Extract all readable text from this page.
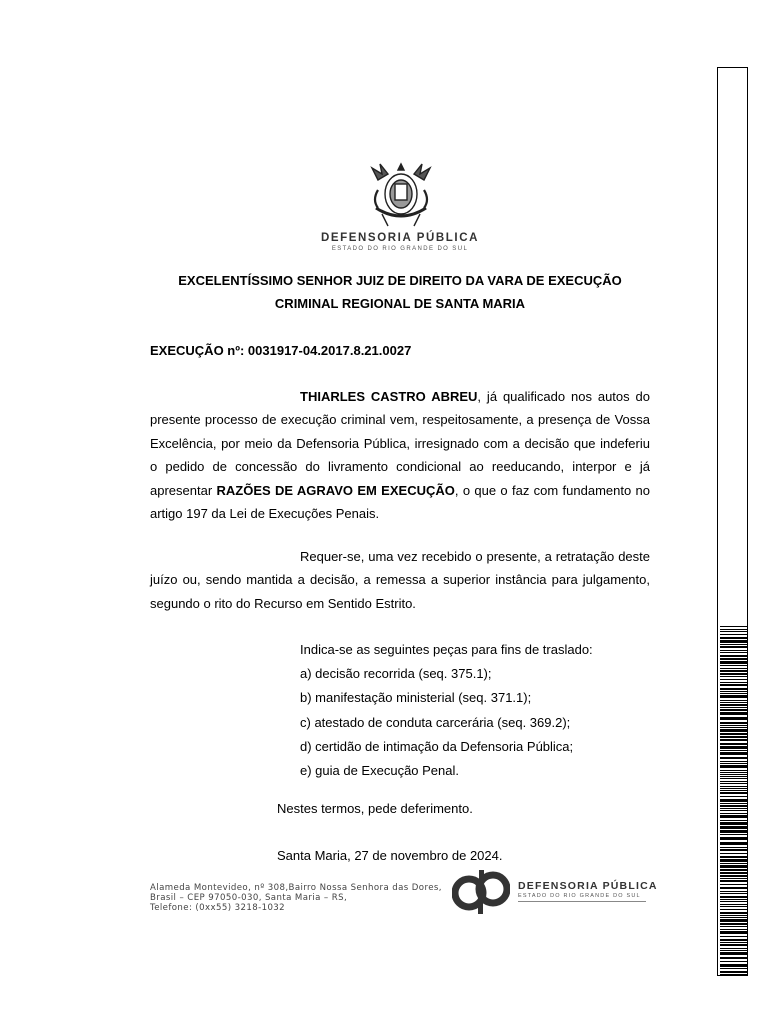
DEFENSORIA PÚBLICA
ESTADO DO RIO GRANDE DO SUL
EXCELENTÍSSIMO SENHOR JUIZ DE DIREITO DA VARA DE EXECUÇÃO
CRIMINAL REGIONAL DE SANTA MARIA
EXECUÇÃO nº: 0031917-04.2017.8.21.0027

THIARLES CASTRO ABREU, já qualificado nos autos do presente processo de execução criminal vem, respeitosamente, a presença de Vossa Excelência, por meio da Defensoria Pública, irresignado com a decisão que indeferiu o pedido de concessão do livramento condicional ao reeducando, interpor e já apresentar RAZÕES DE AGRAVO EM EXECUÇÃO, o que o faz com fundamento no artigo 197 da Lei de Execuções Penais.

Requer-se, uma vez recebido o presente, a retratação deste juízo ou, sendo mantida a decisão, a remessa a superior instância para julgamento, segundo o rito do Recurso em Sentido Estrito.

Indica-se as seguintes peças para fins de traslado:
a) decisão recorrida (seq. 375.1);
b) manifestação ministerial (seq. 371.1);
c) atestado de conduta carcerária (seq. 369.2);
d) certidão de intimação da Defensoria Pública;
e) guia de Execução Penal.
Nestes termos, pede deferimento.
Santa Maria, 27 de novembro de 2024.
Alameda Montevideo, nº 308,Bairro Nossa Senhora das Dores,
Brasil – CEP 97050-030, Santa Maria – RS,
Telefone: (0xx55) 3218-1032
DEFENSORIA PÚBLICA
ESTADO DO RIO GRANDE DO SUL
